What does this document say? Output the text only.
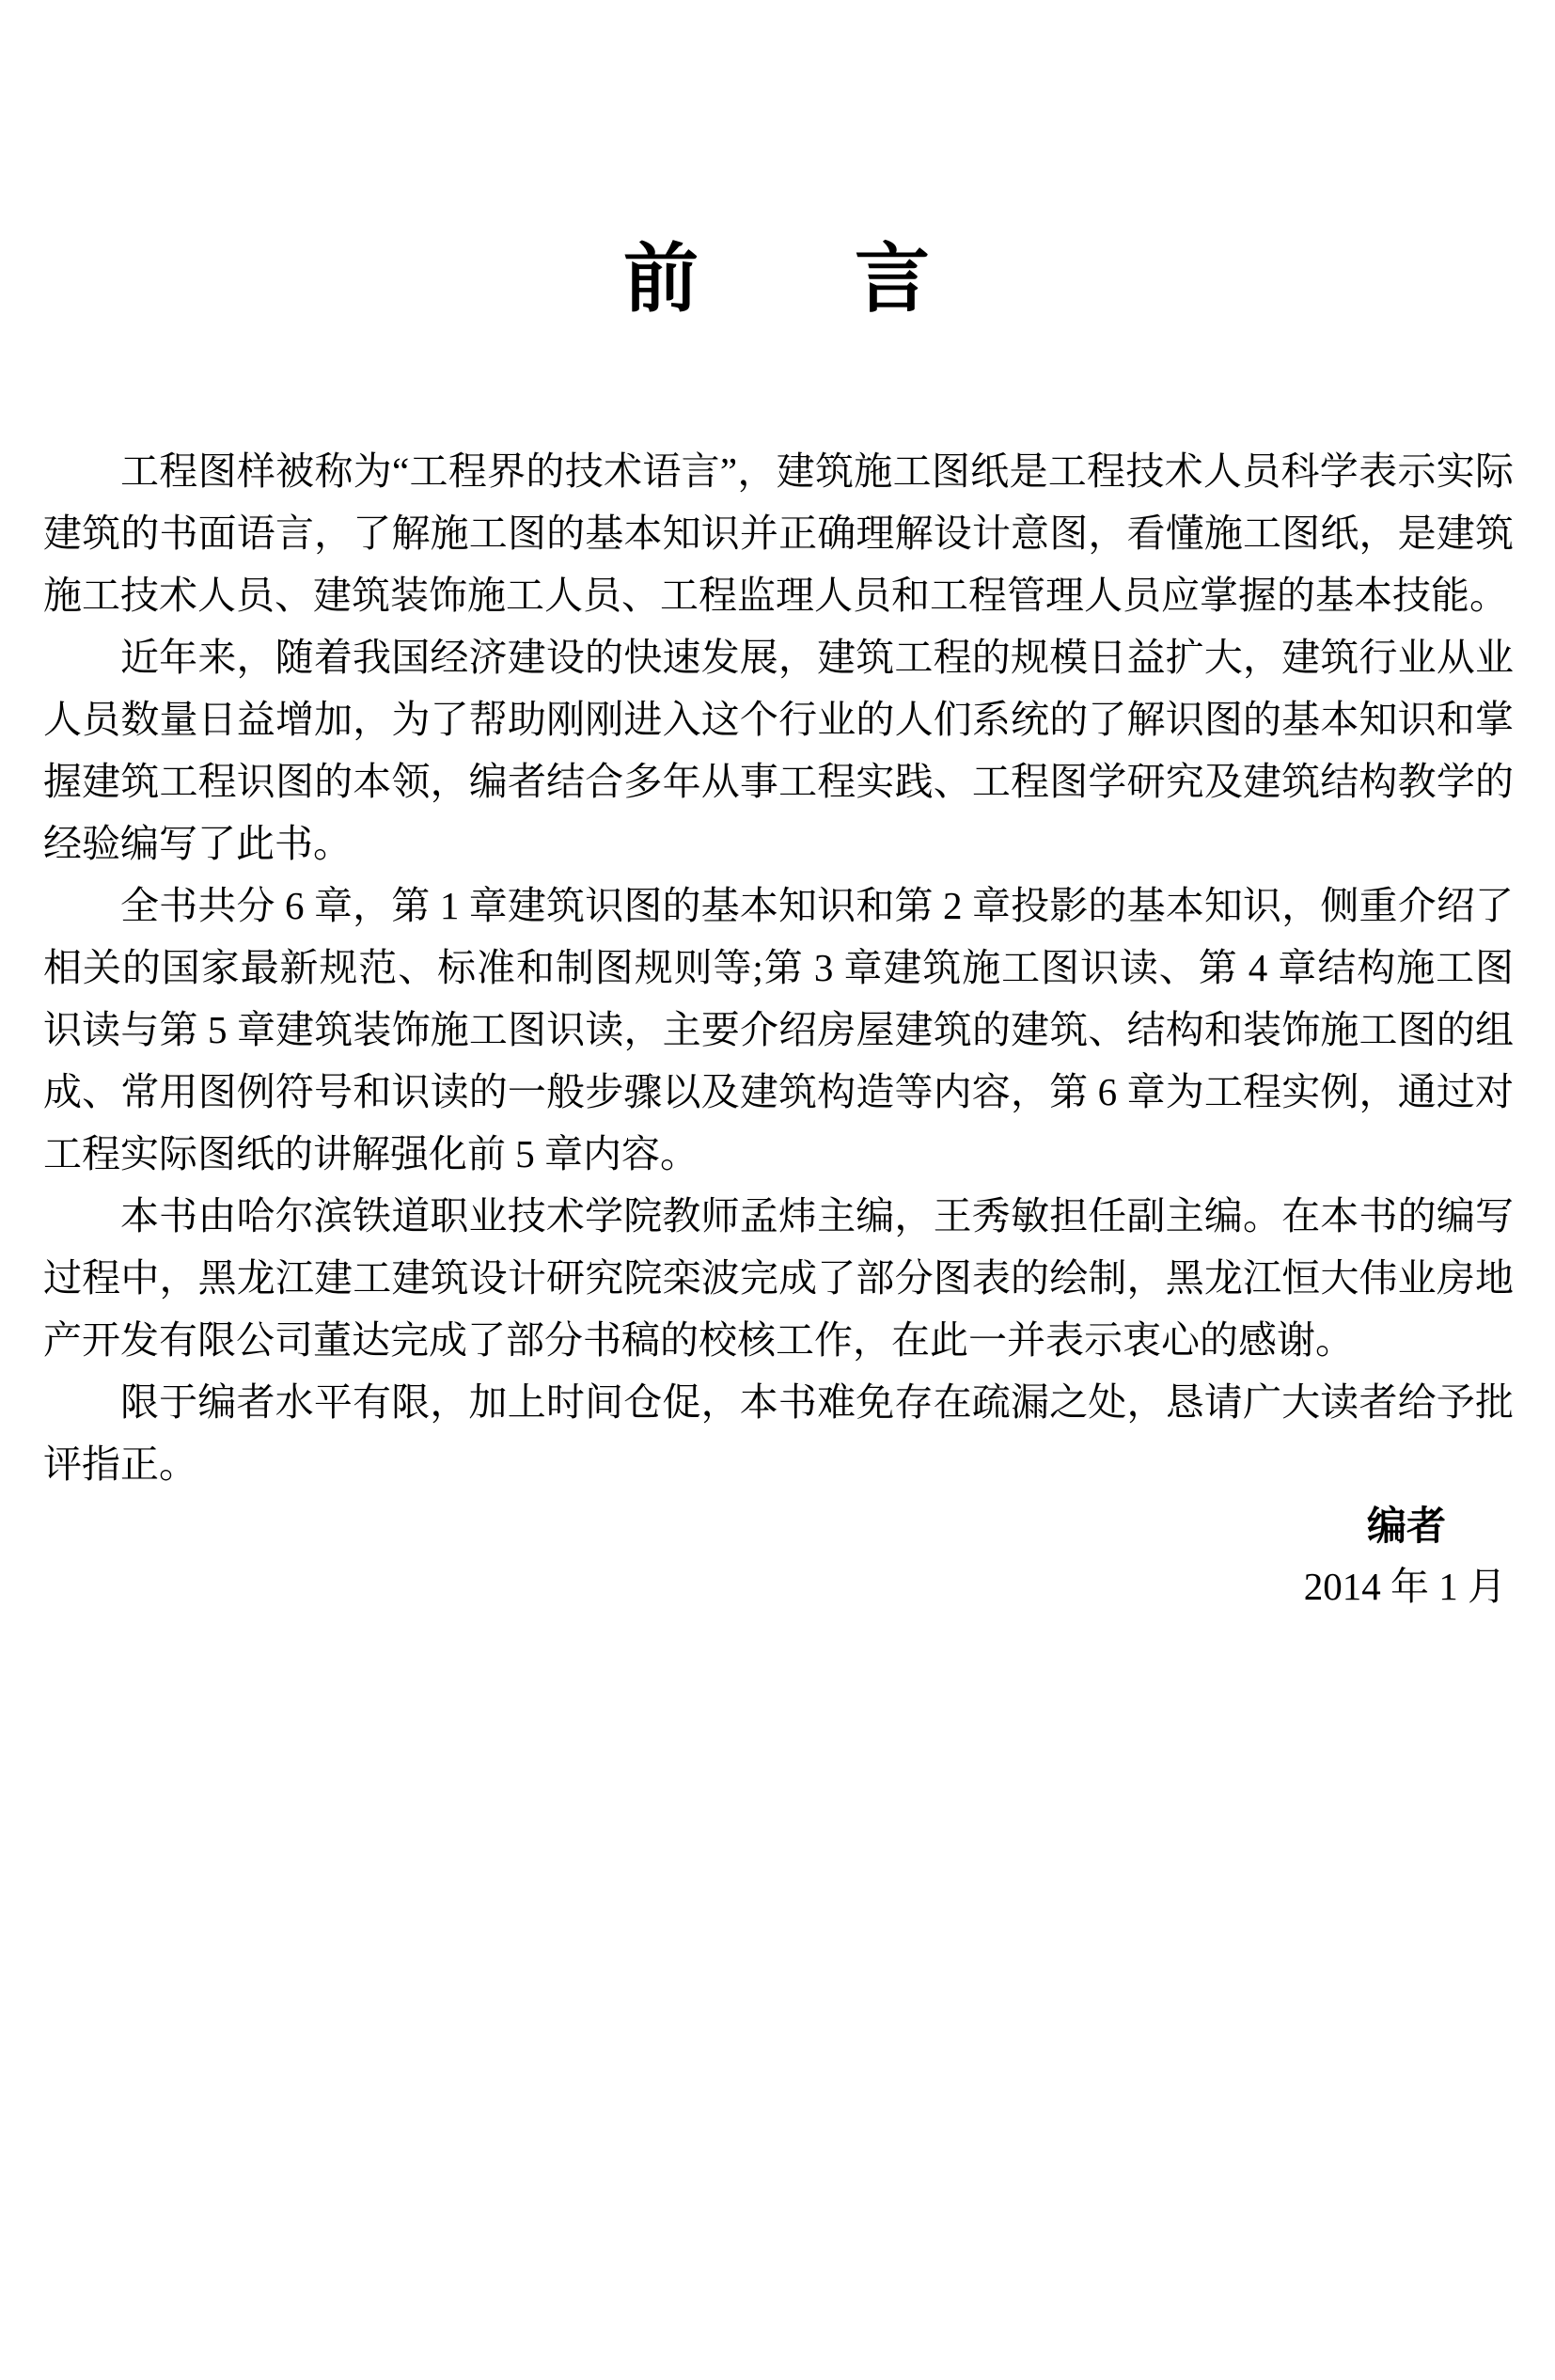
前　　言

工程图样被称为“工程界的技术语言”，建筑施工图纸是工程技术人员科学表示实际建筑的书面语言，了解施工图的基本知识并正确理解设计意图，看懂施工图纸，是建筑施工技术人员、建筑装饰施工人员、工程监理人员和工程管理人员应掌握的基本技能。

近年来，随着我国经济建设的快速发展，建筑工程的规模日益扩大，建筑行业从业人员数量日益增加，为了帮助刚刚进入这个行业的人们系统的了解识图的基本知识和掌握建筑工程识图的本领，编者结合多年从事工程实践、工程图学研究及建筑结构教学的经验编写了此书。

全书共分 6 章，第 1 章建筑识图的基本知识和第 2 章投影的基本知识，侧重介绍了相关的国家最新规范、标准和制图规则等;第 3 章建筑施工图识读、第 4 章结构施工图识读与第 5 章建筑装饰施工图识读，主要介绍房屋建筑的建筑、结构和装饰施工图的组成、常用图例符号和识读的一般步骤以及建筑构造等内容，第 6 章为工程实例，通过对工程实际图纸的讲解强化前 5 章内容。

本书由哈尔滨铁道职业技术学院教师孟炜主编，王秀敏担任副主编。在本书的编写过程中，黑龙江建工建筑设计研究院栾波完成了部分图表的绘制，黑龙江恒大伟业房地产开发有限公司董达完成了部分书稿的校核工作，在此一并表示衷心的感谢。

限于编者水平有限，加上时间仓促，本书难免存在疏漏之处，恳请广大读者给予批评指正。

编者
2014 年 1 月
